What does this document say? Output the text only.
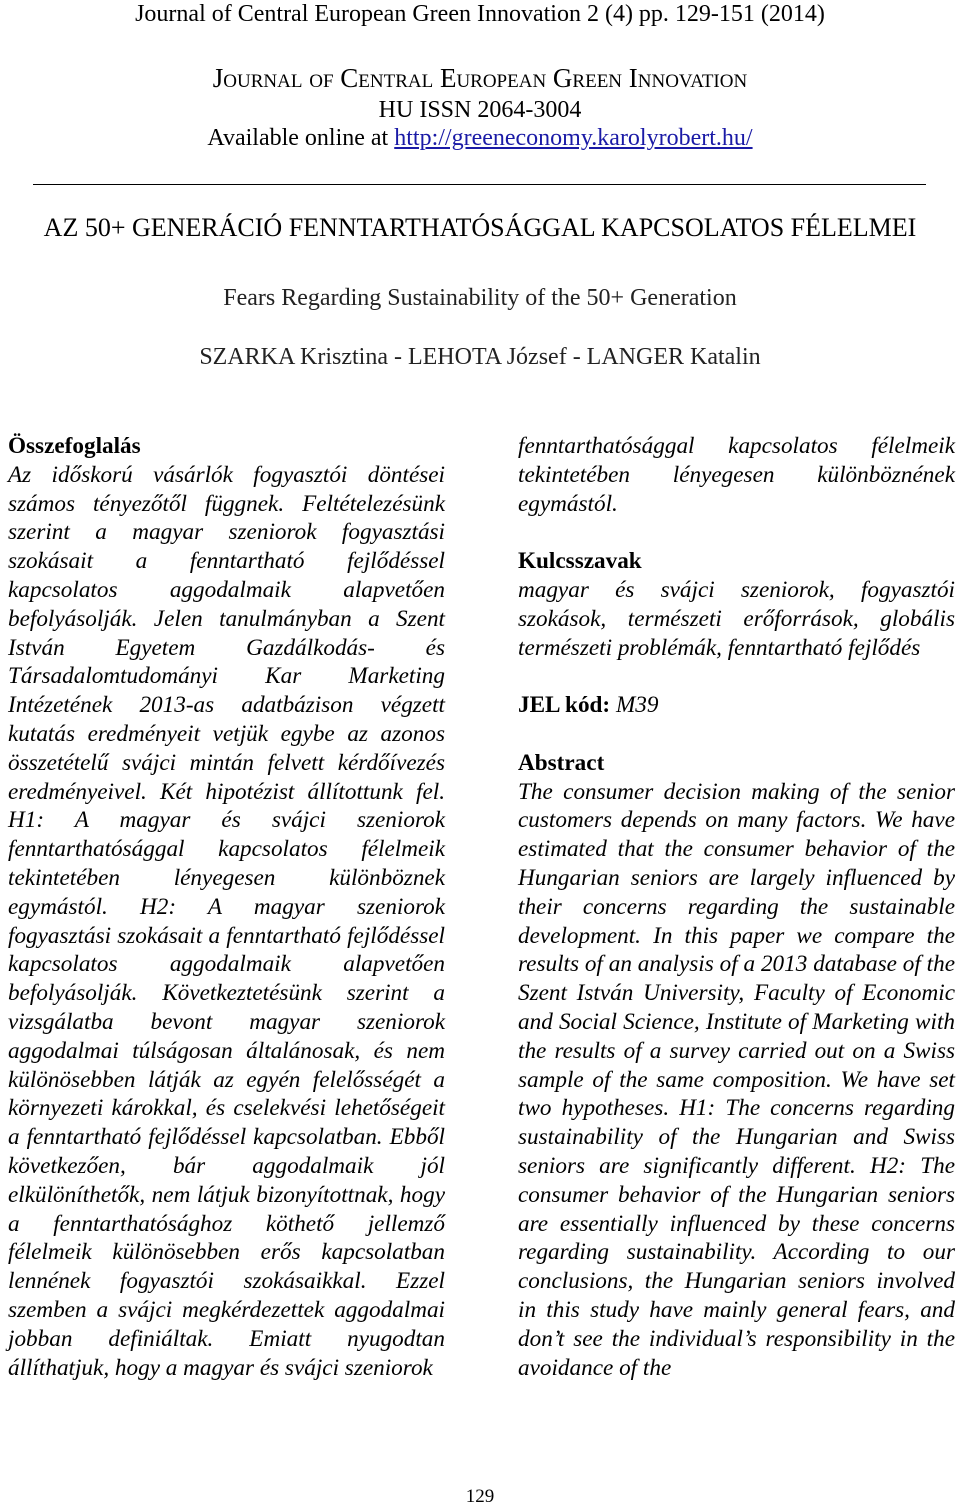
Journal of Central European Green Innovation 2 (4) pp. 129-151 (2014)
Journal of Central European Green Innovation
HU ISSN 2064-3004
Available online at http://greeneconomy.karolyrobert.hu/
AZ 50+ GENERÁCIÓ FENNTARTHATÓSÁGGAL KAPCSOLATOS FÉLELMEI
Fears Regarding Sustainability of the 50+ Generation
SZARKA Krisztina - LEHOTA József - LANGER Katalin
Összefoglalás
Az időskorú vásárlók fogyasztói döntései számos tényezőtől függnek. Feltételezésünk szerint a magyar szeniorok fogyasztási szokásait a fenntartható fejlődéssel kapcsolatos aggodalmaik alapvetően befolyásolják. Jelen tanulmányban a Szent István Egyetem Gazdálkodás- és Társadalomtudományi Kar Marketing Intézetének 2013-as adatbázison végzett kutatás eredményeit vetjük egybe az azonos összetételű svájci mintán felvett kérdőívezés eredményeivel. Két hipotézist állítottunk fel. H1: A magyar és svájci szeniorok fenntarthatósággal kapcsolatos félelmeik tekintetében lényegesen különböznek egymástól. H2: A magyar szeniorok fogyasztási szokásait a fenntartható fejlődéssel kapcsolatos aggodalmaik alapvetően befolyásolják. Következtetésünk szerint a vizsgálatba bevont magyar szeniorok aggodalmai túlságosan általánosak, és nem különösebben látják az egyén felelősségét a környezeti károkkal, és cselekvési lehetőségeit a fenntartható fejlődéssel kapcsolatban. Ebből következően, bár aggodalmaik jól elkülöníthetők, nem látjuk bizonyítottnak, hogy a fenntarthatósághoz köthető jellemző félelmeik különösebben erős kapcsolatban lennének fogyasztói szokásaikkal. Ezzel szemben a svájci megkérdezettek aggodalmai jobban definiáltak. Emiatt nyugodtan állíthatjuk, hogy a magyar és svájci szeniorok
fenntarthatósággal kapcsolatos félelmeik tekintetében lényegesen különböznének egymástól.
Kulcsszavak
magyar és svájci szeniorok, fogyasztói szokások, természeti erőforrások, globális természeti problémák, fenntartható fejlődés
JEL kód: M39
Abstract
The consumer decision making of the senior customers depends on many factors. We have estimated that the consumer behavior of the Hungarian seniors are largely influenced by their concerns regarding the sustainable development. In this paper we compare the results of an analysis of a 2013 database of the Szent István University, Faculty of Economic and Social Science, Institute of Marketing with the results of a survey carried out on a Swiss sample of the same composition. We have set two hypotheses. H1: The concerns regarding sustainability of the Hungarian and Swiss seniors are significantly different. H2: The consumer behavior of the Hungarian seniors are essentially influenced by these concerns regarding sustainability. According to our conclusions, the Hungarian seniors involved in this study have mainly general fears, and don’t see the individual’s responsibility in the avoidance of the
129
